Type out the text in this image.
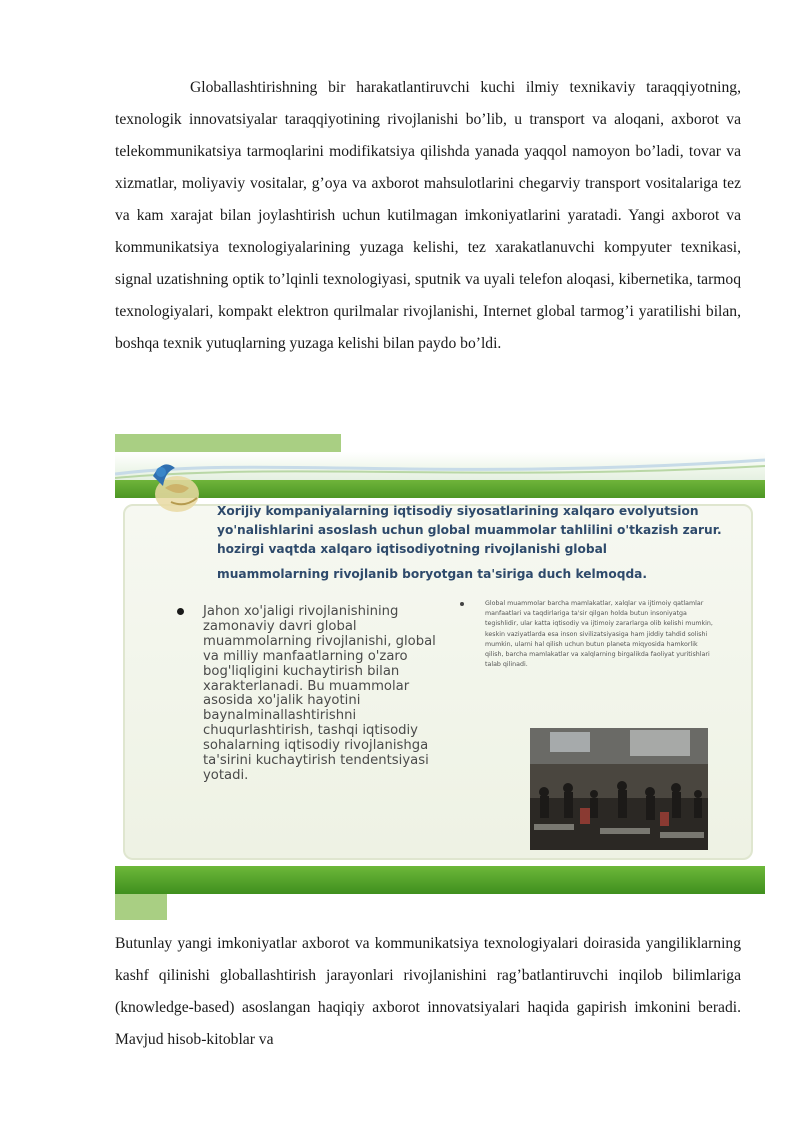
Globallashtirishning bir harakatlantiruvchi kuchi ilmiy texnikaviy taraqqiyotning, texnologik innovatsiyalar taraqqiyotining rivojlanishi bo’lib, u transport va aloqani, axborot va telekommunikatsiya tarmoqlarini modifikatsiya qilishda yanada yaqqol namoyon bo’ladi, tovar va xizmatlar, moliyaviy vositalar, g’oya va axborot mahsulotlarini chegarviy transport vositalariga tez va kam xarajat bilan joylashtirish uchun kutilmagan imkoniyatlarini yaratadi. Yangi axborot va kommunikatsiya texnologiyalarining yuzaga kelishi, tez xarakatlanuvchi kompyuter texnikasi, signal uzatishning optik to’lqinli texnologiyasi, sputnik va uyali telefon aloqasi, kibernetika, tarmoq texnologiyalari, kompakt elektron qurilmalar rivojlanishi, Internet global tarmog’i yaratilishi bilan, boshqa texnik yutuqlarning yuzaga kelishi bilan paydo bo’ldi.

Xorijiy kompaniyalarning iqtisodiy siyosatlarining xalqaro evolyutsion yo'nalishlarini asoslash uchun global muammolar tahlilini o'tkazish zarur. hozirgi vaqtda xalqaro iqtisodiyotning rivojlanishi global
muammolarning rivojlanib boryotgan ta'siriga duch kelmoqda.

Jahon xo'jaligi rivojlanishining zamonaviy davri global muammolarning rivojlanishi, global va milliy manfaatlarning o'zaro bog'liqligini kuchaytirish bilan xarakterlanadi. Bu muammolar asosida xo'jalik hayotini baynalminallashtirishni chuqurlashtirish, tashqi iqtisodiy sohalarning iqtisodiy rivojlanishga ta'sirini kuchaytirish tendentsiyasi yotadi.

Global muammolar barcha mamlakatlar, xalqlar va ijtimoiy qatlamlar manfaatlari va taqdirlariga ta'sir qilgan holda butun insoniyatga tegishlidir, ular katta iqtisodiy va ijtimoiy zararlarga olib kelishi mumkin, keskin vaziyatlarda esa inson sivilizatsiyasiga ham jiddiy tahdid solishi mumkin, ularni hal qilish uchun butun planeta miqyosida hamkorlik qilish, barcha mamlakatlar va xalqlarning birgalikda faoliyat yuritishlari talab qilinadi.

Butunlay yangi imkoniyatlar axborot va kommunikatsiya texnologiyalari doirasida yangiliklarning kashf qilinishi globallashtirish jarayonlari rivojlanishini rag’batlantiruvchi inqilob bilimlariga (knowledge-based) asoslangan haqiqiy axborot innovatsiyalari haqida gapirish imkonini beradi. Mavjud hisob-kitoblar va
